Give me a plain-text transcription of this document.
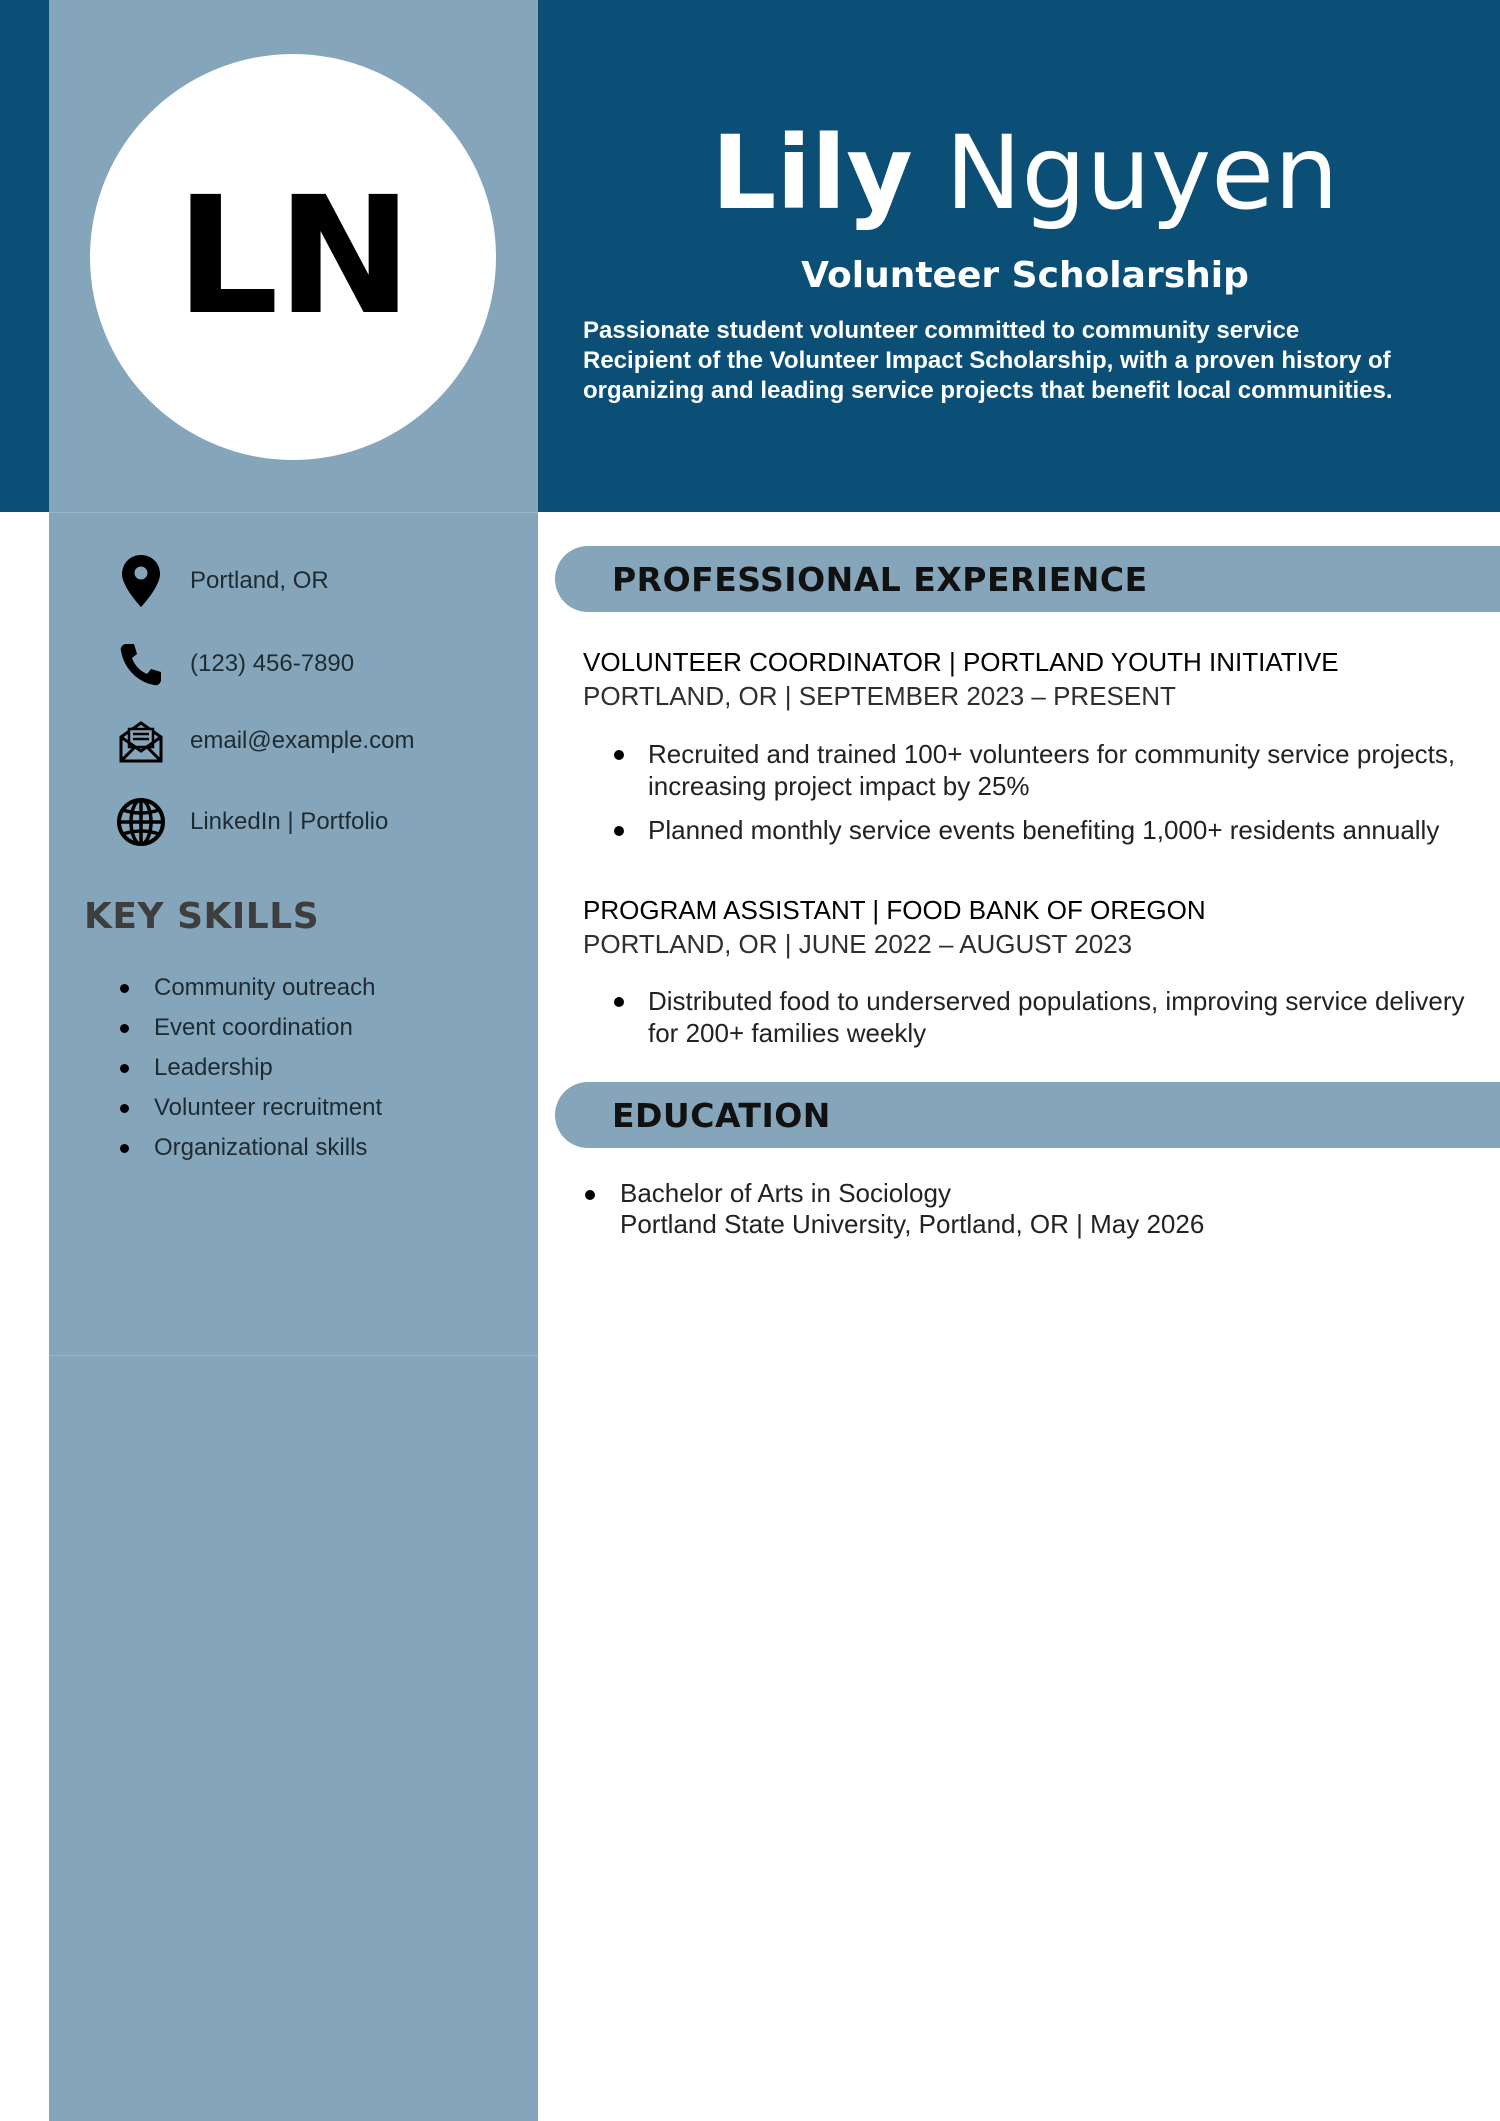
LN	Lily Nguyen
Volunteer Scholarship
Passionate student volunteer committed to community service
Recipient of the Volunteer Impact Scholarship, with a proven history of
organizing and leading service projects that benefit local communities.
Portland, OR
(123) 456-7890
email@example.com
LinkedIn | Portfolio
KEY SKILLS
Community outreach
Event coordination
Leadership
Volunteer recruitment
Organizational skills
PROFESSIONAL EXPERIENCE
VOLUNTEER COORDINATOR | PORTLAND YOUTH INITIATIVE
PORTLAND, OR | SEPTEMBER 2023 – PRESENT
Recruited and trained 100+ volunteers for community service projects, increasing project impact by 25%
Planned monthly service events benefiting 1,000+ residents annually
PROGRAM ASSISTANT | FOOD BANK OF OREGON
PORTLAND, OR | JUNE 2022 – AUGUST 2023
Distributed food to underserved populations, improving service delivery for 200+ families weekly
EDUCATION
Bachelor of Arts in Sociology
Portland State University, Portland, OR | May 2026
